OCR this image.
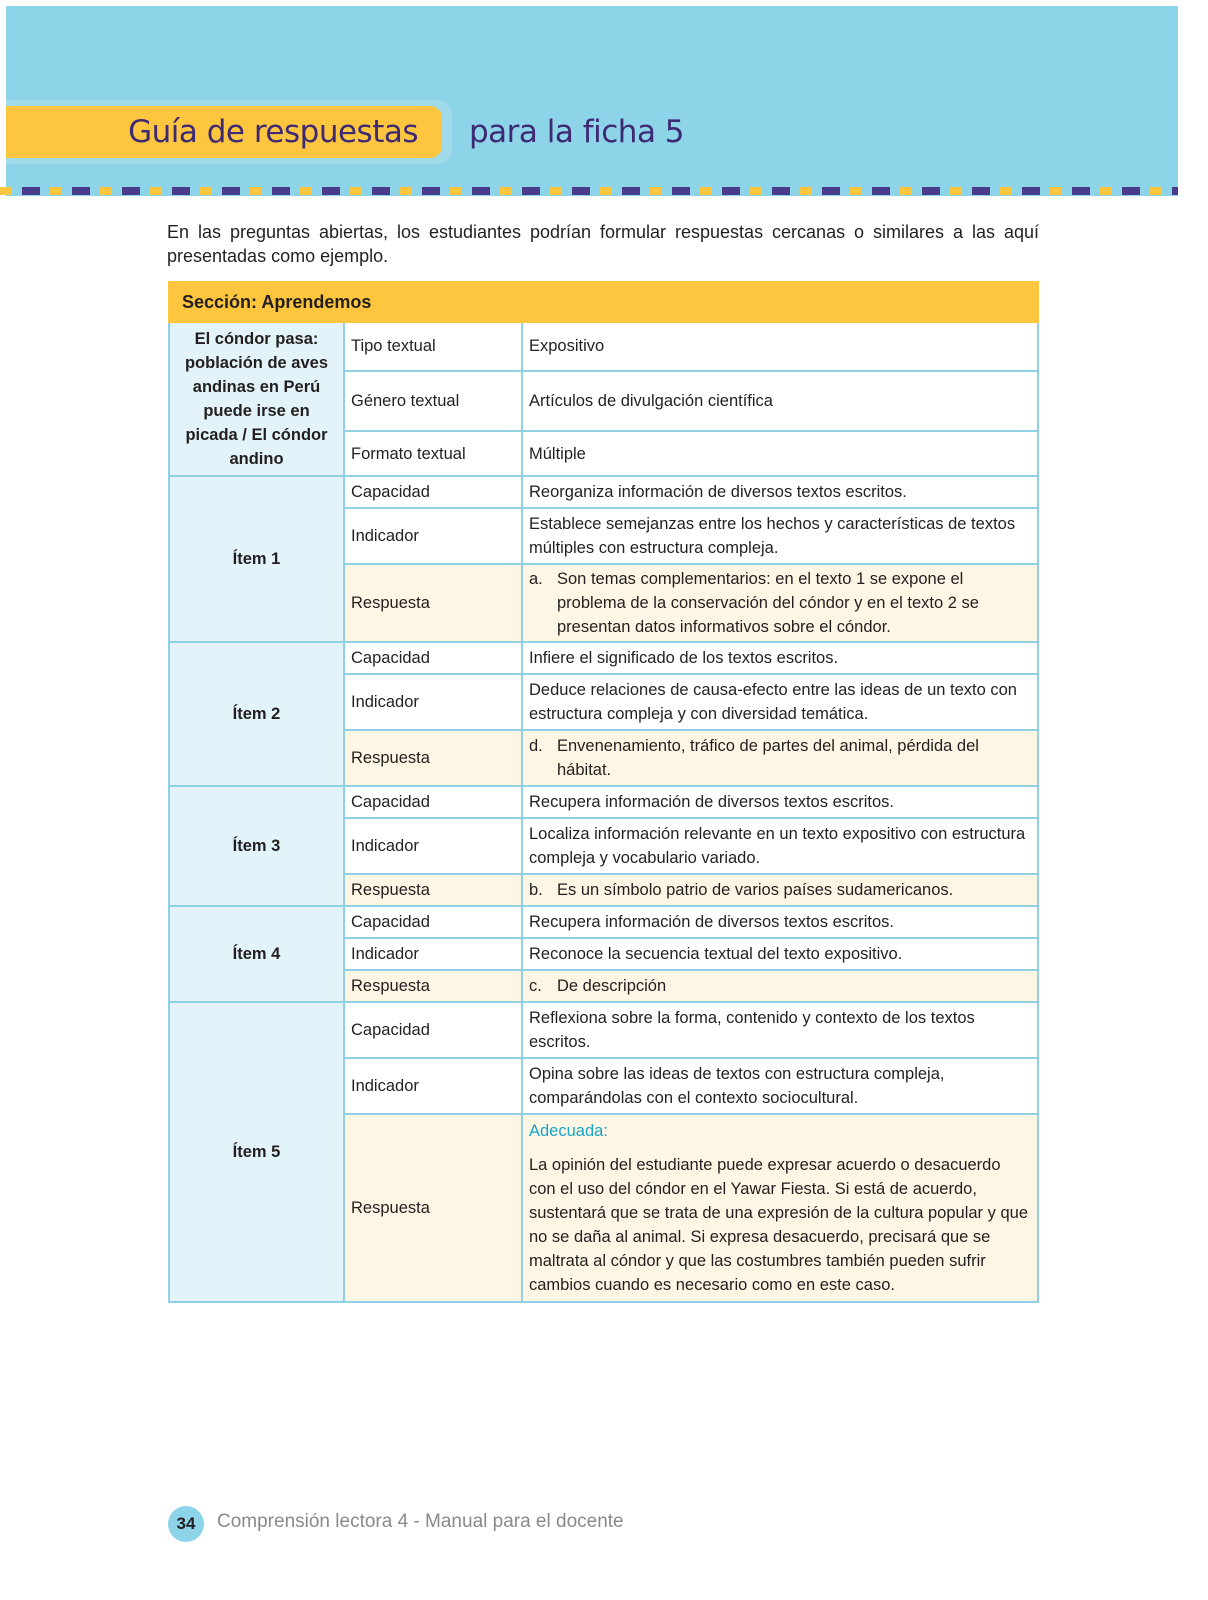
Guía de respuestas para la ficha 5

En las preguntas abiertas, los estudiantes podrían formular respuestas cercanas o similares a las aquí presentadas como ejemplo.

Sección: Aprendemos		
El cóndor pasa: población de aves andinas en Perú puede irse en picada / El cóndor andino	Tipo textual	Expositivo
	Género textual	Artículos de divulgación científica
	Formato textual	Múltiple
Ítem 1	Capacidad	Reorganiza información de diversos textos escritos.
	Indicador	Establece semejanzas entre los hechos y características de textos múltiples con estructura compleja.
	Respuesta	a. Son temas complementarios: en el texto 1 se expone el problema de la conservación del cóndor y en el texto 2 se presentan datos informativos sobre el cóndor.

Ítem 2	Capacidad	Infiere el significado de los textos escritos.
	Indicador	Deduce relaciones de causa-efecto entre las ideas de un texto con estructura compleja y con diversidad temática.
	Respuesta	d. Envenenamiento, tráfico de partes del animal, pérdida del hábitat.

Ítem 3	Capacidad	Recupera información de diversos textos escritos.
	Indicador	Localiza información relevante en un texto expositivo con estructura compleja y vocabulario variado.
	Respuesta	b. Es un símbolo patrio de varios países sudamericanos.

Ítem 4	Capacidad	Recupera información de diversos textos escritos.
	Indicador	Reconoce la secuencia textual del texto expositivo.
	Respuesta	c. De descripción

Ítem 5	Capacidad	Reflexiona sobre la forma, contenido y contexto de los textos escritos.
	Indicador	Opina sobre las ideas de textos con estructura compleja, comparándolas con el contexto sociocultural.
	Respuesta	Adecuada:
La opinión del estudiante puede expresar acuerdo o desacuerdo con el uso del cóndor en el Yawar Fiesta. Si está de acuerdo, sustentará que se trata de una expresión de la cultura popular y que no se daña al animal. Si expresa desacuerdo, precisará que se maltrata al cóndor y que las costumbres también pueden sufrir cambios cuando es necesario como en este caso.
34 Comprensión lectora 4 - Manual para el docente
